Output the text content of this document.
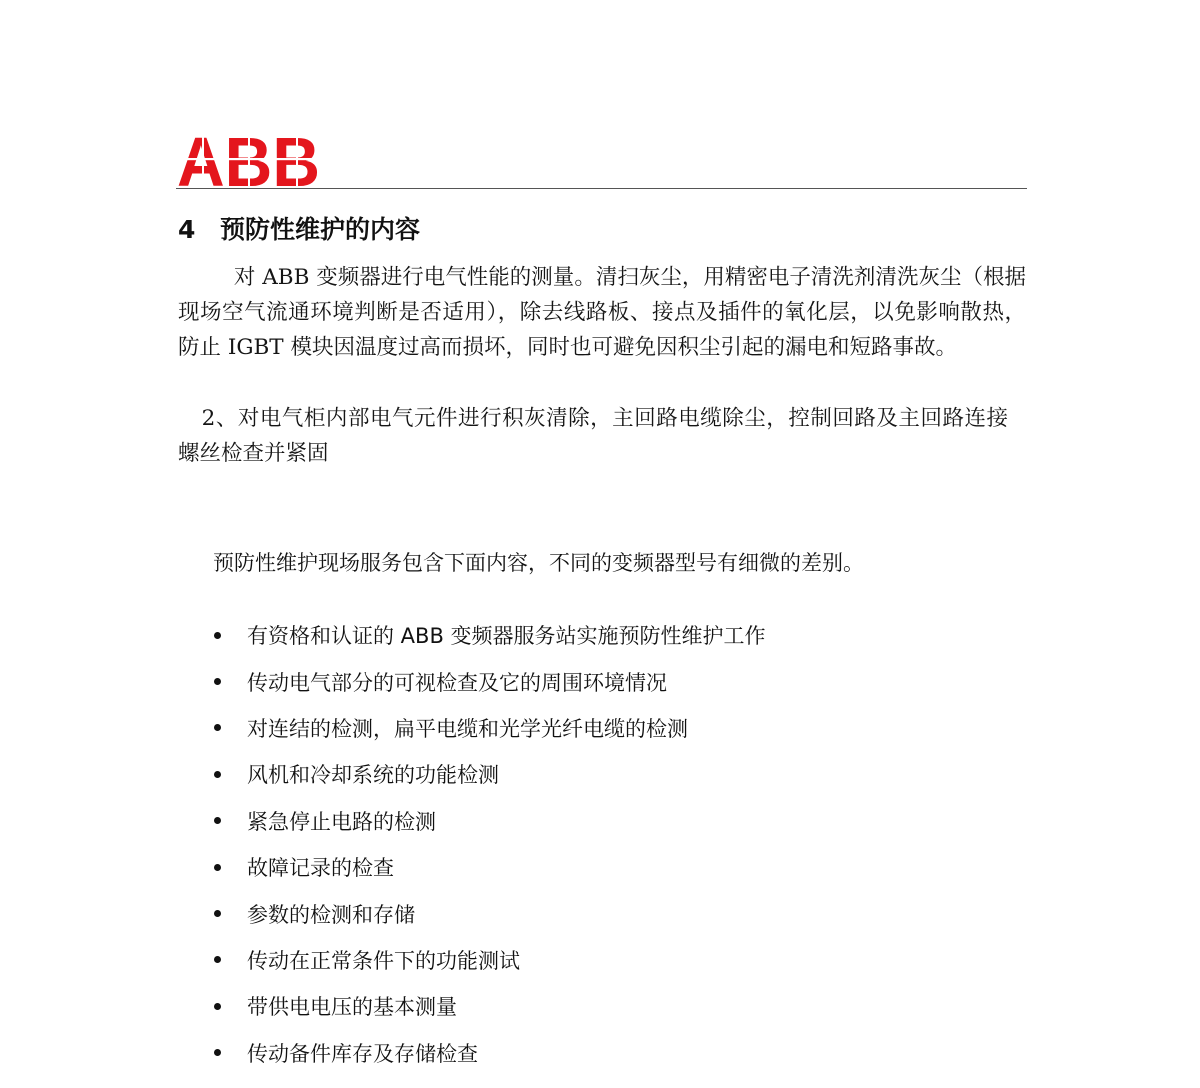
4 预防性维护的内容

对 ABB 变频器进行电气性能的测量。清扫灰尘，用精密电子清洗剂清洗灰尘（根据现场空气流通环境判断是否适用），除去线路板、接点及插件的氧化层，以免影响散热，防止 IGBT 模块因温度过高而损坏，同时也可避免因积尘引起的漏电和短路事故。

2、对电气柜内部电气元件进行积灰清除，主回路电缆除尘，控制回路及主回路连接螺丝检查并紧固

预防性维护现场服务包含下面内容，不同的变频器型号有细微的差别。

有资格和认证的 ABB 变频器服务站实施预防性维护工作
传动电气部分的可视检查及它的周围环境情况
对连结的检测，扁平电缆和光学光纤电缆的检测
风机和冷却系统的功能检测
紧急停止电路的检测
故障记录的检查
参数的检测和存储
传动在正常条件下的功能测试
带供电电压的基本测量
传动备件库存及存储检查
